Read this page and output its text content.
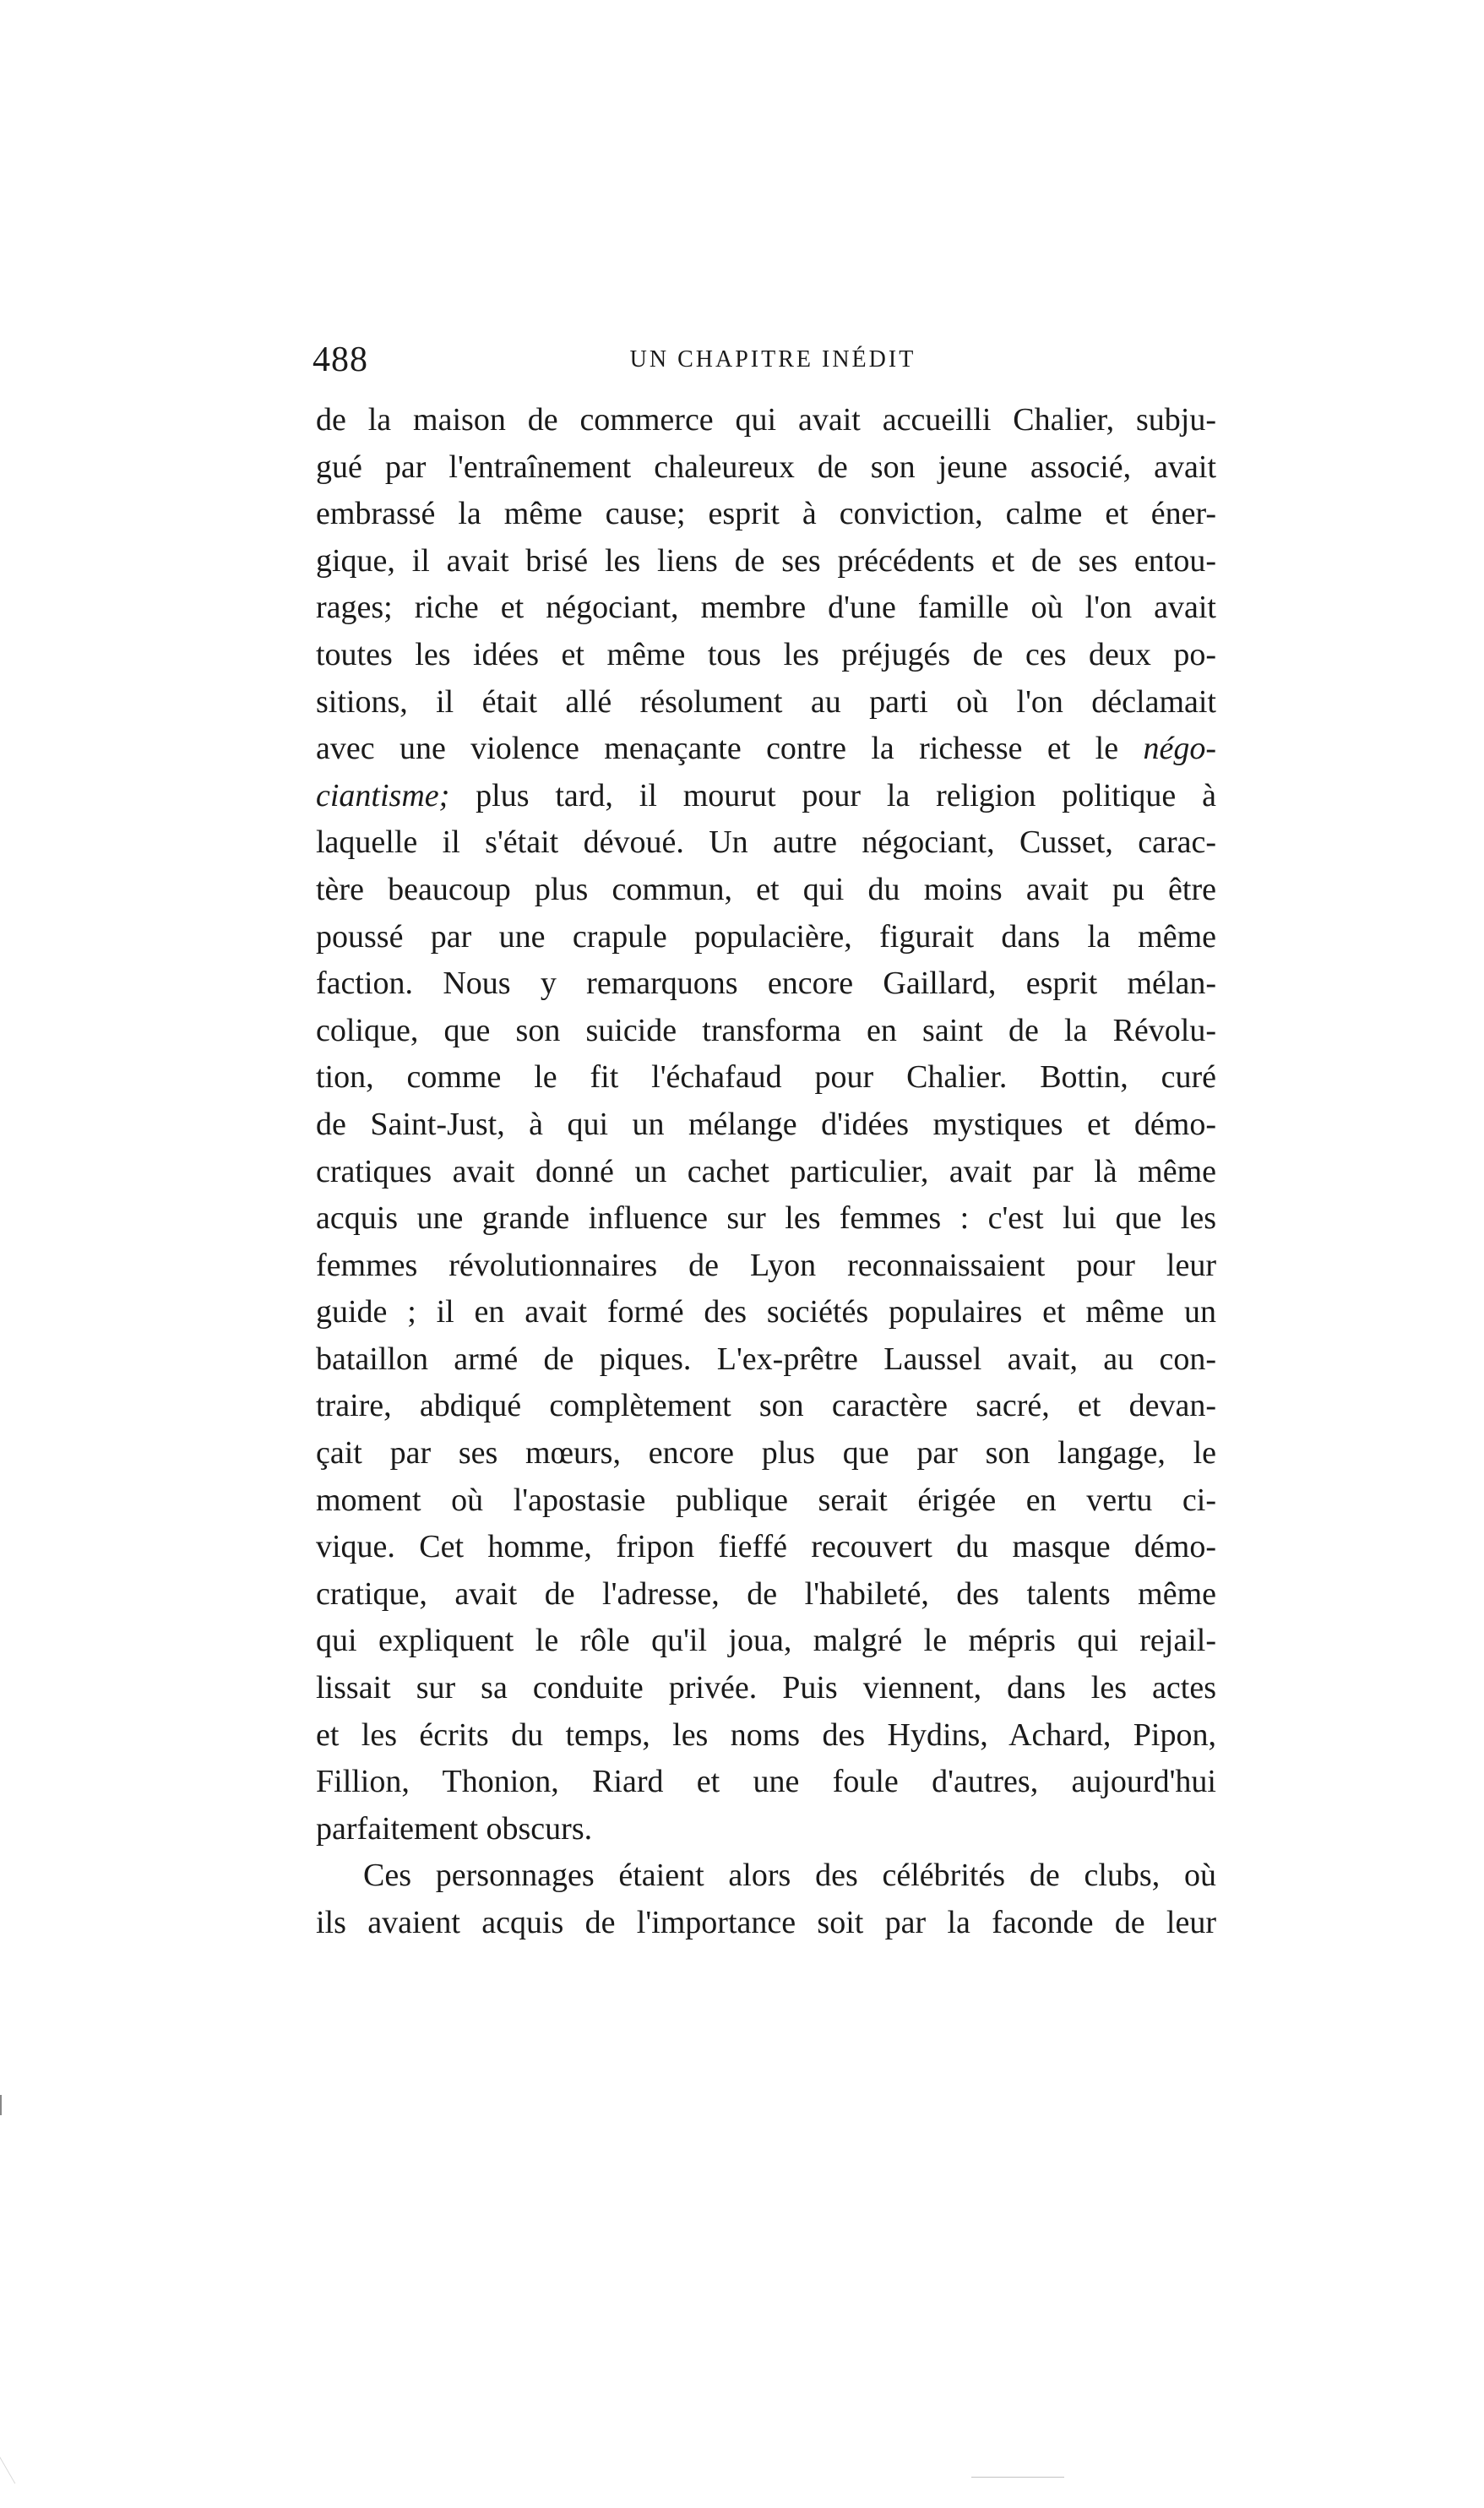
488	UN CHAPITRE INÉDIT
de la maison de commerce qui avait accueilli Chalier, subju-
gué par l'entraînement chaleureux de son jeune associé, avait
embrassé la même cause; esprit à conviction, calme et éner-
gique, il avait brisé les liens de ses précédents et de ses entou-
rages; riche et négociant, membre d'une famille où l'on avait
toutes les idées et même tous les préjugés de ces deux po-
sitions, il était allé résolument au parti où l'on déclamait
avec une violence menaçante contre la richesse et le négo-
ciantisme; plus tard, il mourut pour la religion politique à
laquelle il s'était dévoué. Un autre négociant, Cusset, carac-
tère beaucoup plus commun, et qui du moins avait pu être
poussé par une crapule populacière, figurait dans la même
faction. Nous y remarquons encore Gaillard, esprit mélan-
colique, que son suicide transforma en saint de la Révolu-
tion, comme le fit l'échafaud pour Chalier. Bottin, curé
de Saint-Just, à qui un mélange d'idées mystiques et démo-
cratiques avait donné un cachet particulier, avait par là même
acquis une grande influence sur les femmes : c'est lui que les
femmes révolutionnaires de Lyon reconnaissaient pour leur
guide ; il en avait formé des sociétés populaires et même un
bataillon armé de piques. L'ex-prêtre Laussel avait, au con-
traire, abdiqué complètement son caractère sacré, et devan-
çait par ses mœurs, encore plus que par son langage, le
moment où l'apostasie publique serait érigée en vertu ci-
vique. Cet homme, fripon fieffé recouvert du masque démo-
cratique, avait de l'adresse, de l'habileté, des talents même
qui expliquent le rôle qu'il joua, malgré le mépris qui rejail-
lissait sur sa conduite privée. Puis viennent, dans les actes
et les écrits du temps, les noms des Hydins, Achard, Pipon,
Fillion, Thonion, Riard et une foule d'autres, aujourd'hui
parfaitement obscurs.
Ces personnages étaient alors des célébrités de clubs, où
ils avaient acquis de l'importance soit par la faconde de leur
